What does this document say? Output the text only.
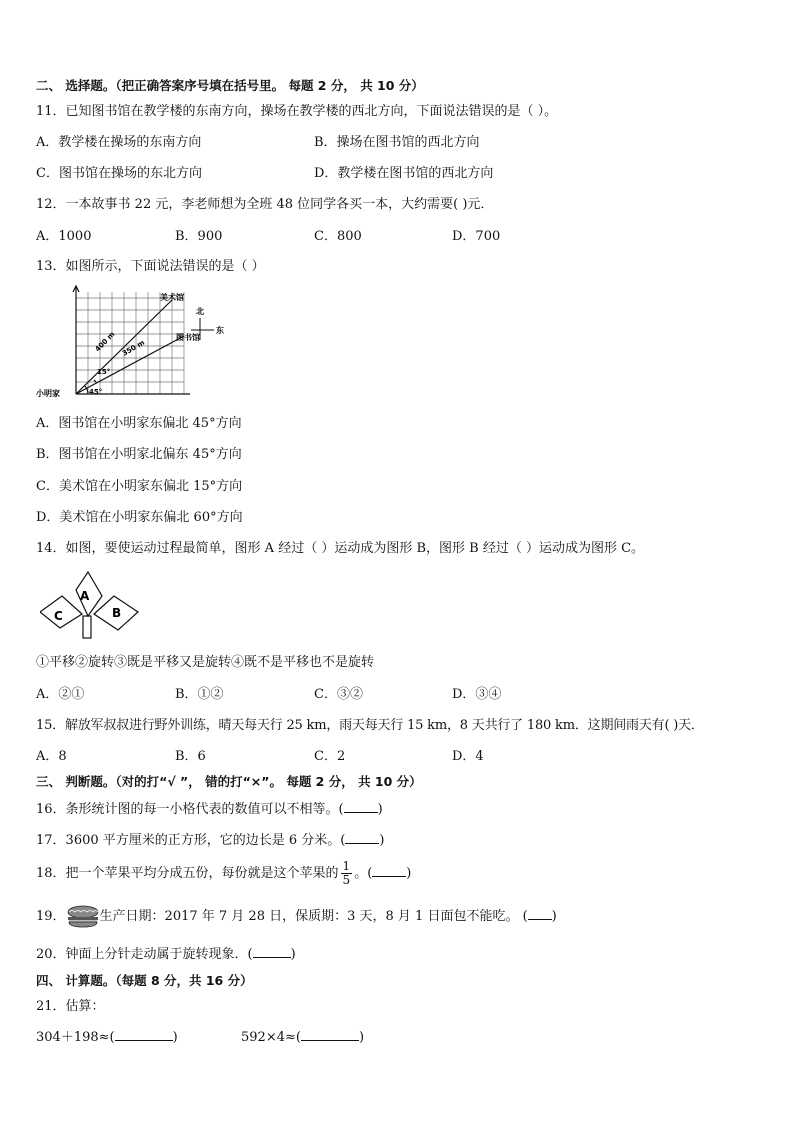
二、 选择题。（把正确答案序号填在括号里。 每题 2 分， 共 10 分）
11．已知图书馆在教学楼的东南方向，操场在教学楼的西北方向，下面说法错误的是（ ）。
A．教学楼在操场的东南方向	B．操场在图书馆的西北方向
C．图书馆在操场的东北方向	D．教学楼在图书馆的西北方向
12．一本故事书 22 元，李老师想为全班 48 位同学各买一本，大约需要( )元．
A．1000	B．900	C．800	D．700
13．如图所示，下面说法错误的是（ ）
美术馆
图书馆
小明家
400 m 350 m
15°
45°
北
东
A．图书馆在小明家东偏北 45°方向
B．图书馆在小明家北偏东 45°方向
C．美术馆在小明家东偏北 15°方向
D．美术馆在小明家东偏北 60°方向
14．如图，要使运动过程最简单，图形 A 经过（ ）运动成为图形 B，图形 B 经过（ ）运动成为图形 C。
A
B
C
①平移②旋转③既是平移又是旋转④既不是平移也不是旋转
A．②①	B．①②	C．③②	D．③④
15．解放军叔叔进行野外训练，晴天每天行 25 km，雨天每天行 15 km，8 天共行了 180 km．这期间雨天有( )天．
A．8	B．6	C．2	D．4
三、 判断题。（对的打“√ ”， 错的打“×”。 每题 2 分， 共 10 分）
16．条形统计图的每一小格代表的数值可以不相等。(	)
17．3600 平方厘米的正方形，它的边长是 6 分米。(	)
18．把一个苹果平均分成五份，每份就是这个苹果的 $\frac{1}{5}$ 。(	)
19．	生产日期：2017 年 7 月 28 日，保质期：3 天，8 月 1 日面包不能吃。 ( )
20．钟面上分针走动属于旋转现象．(	)
四、 计算题。（每题 8 分，共 16 分）
21．估算：
304＋198≈(	)	592×4≈(	)
